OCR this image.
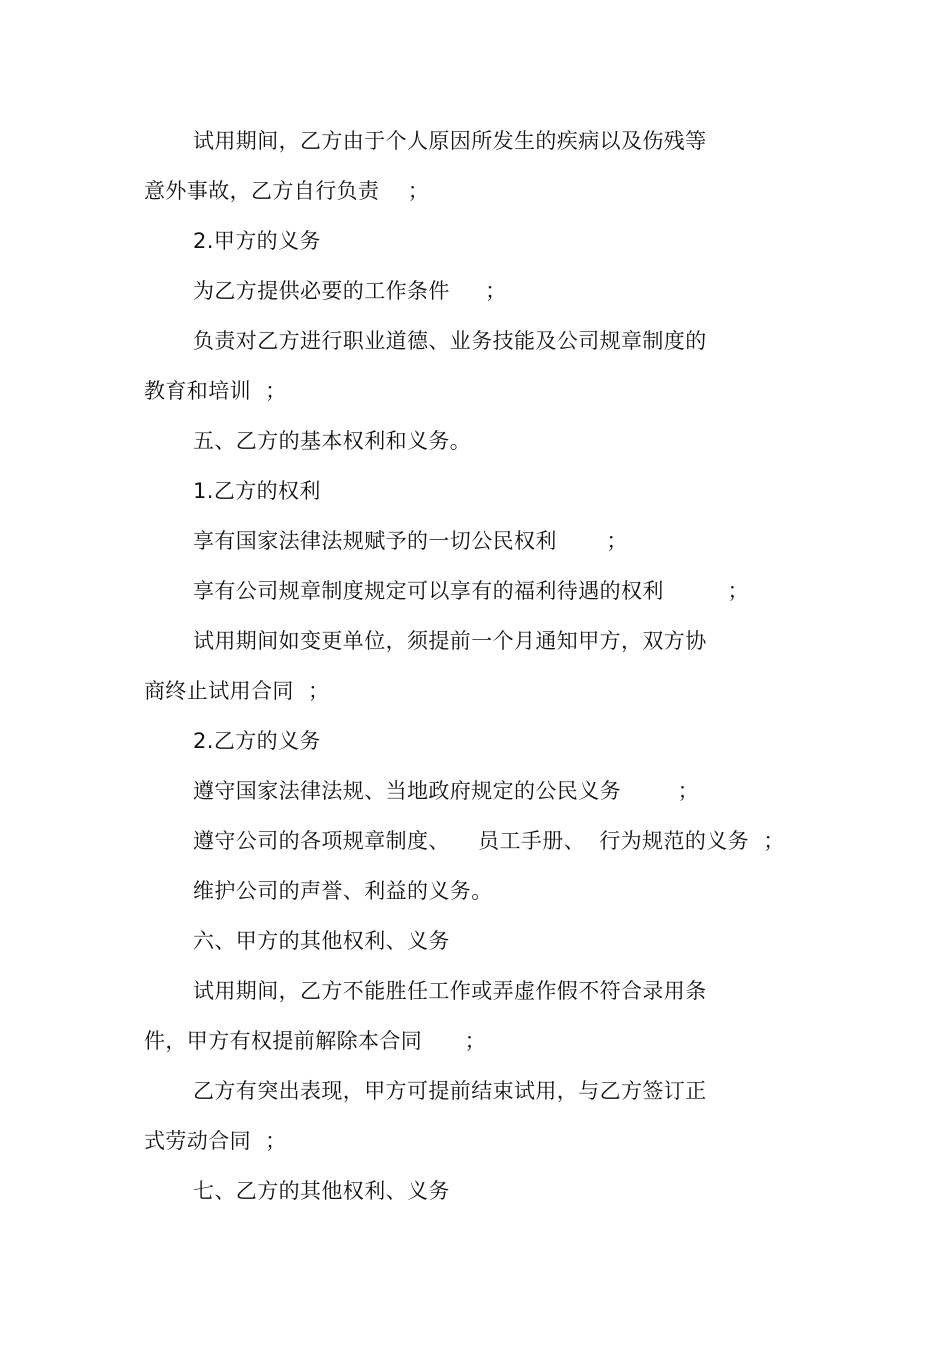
试用期间，乙方由于个人原因所发生的疾病以及伤残等
意外事故，乙方自行负责    ；
2.甲方的义务
为乙方提供必要的工作条件     ；
负责对乙方进行职业道德、业务技能及公司规章制度的
教育和培训  ；
五、乙方的基本权利和义务。
1.乙方的权利
享有国家法律法规赋予的一切公民权利       ；
享有公司规章制度规定可以享有的福利待遇的权利         ；
试用期间如变更单位，须提前一个月通知甲方，双方协
商终止试用合同  ；
2.乙方的义务
遵守国家法律法规、当地政府规定的公民义务        ；
遵守公司的各项规章制度、    员工手册、  行为规范的义务  ；
维护公司的声誉、利益的义务。
六、甲方的其他权利、义务
试用期间，乙方不能胜任工作或弄虚作假不符合录用条
件，甲方有权提前解除本合同      ；
乙方有突出表现，甲方可提前结束试用，与乙方签订正
式劳动合同  ；
七、乙方的其他权利、义务
